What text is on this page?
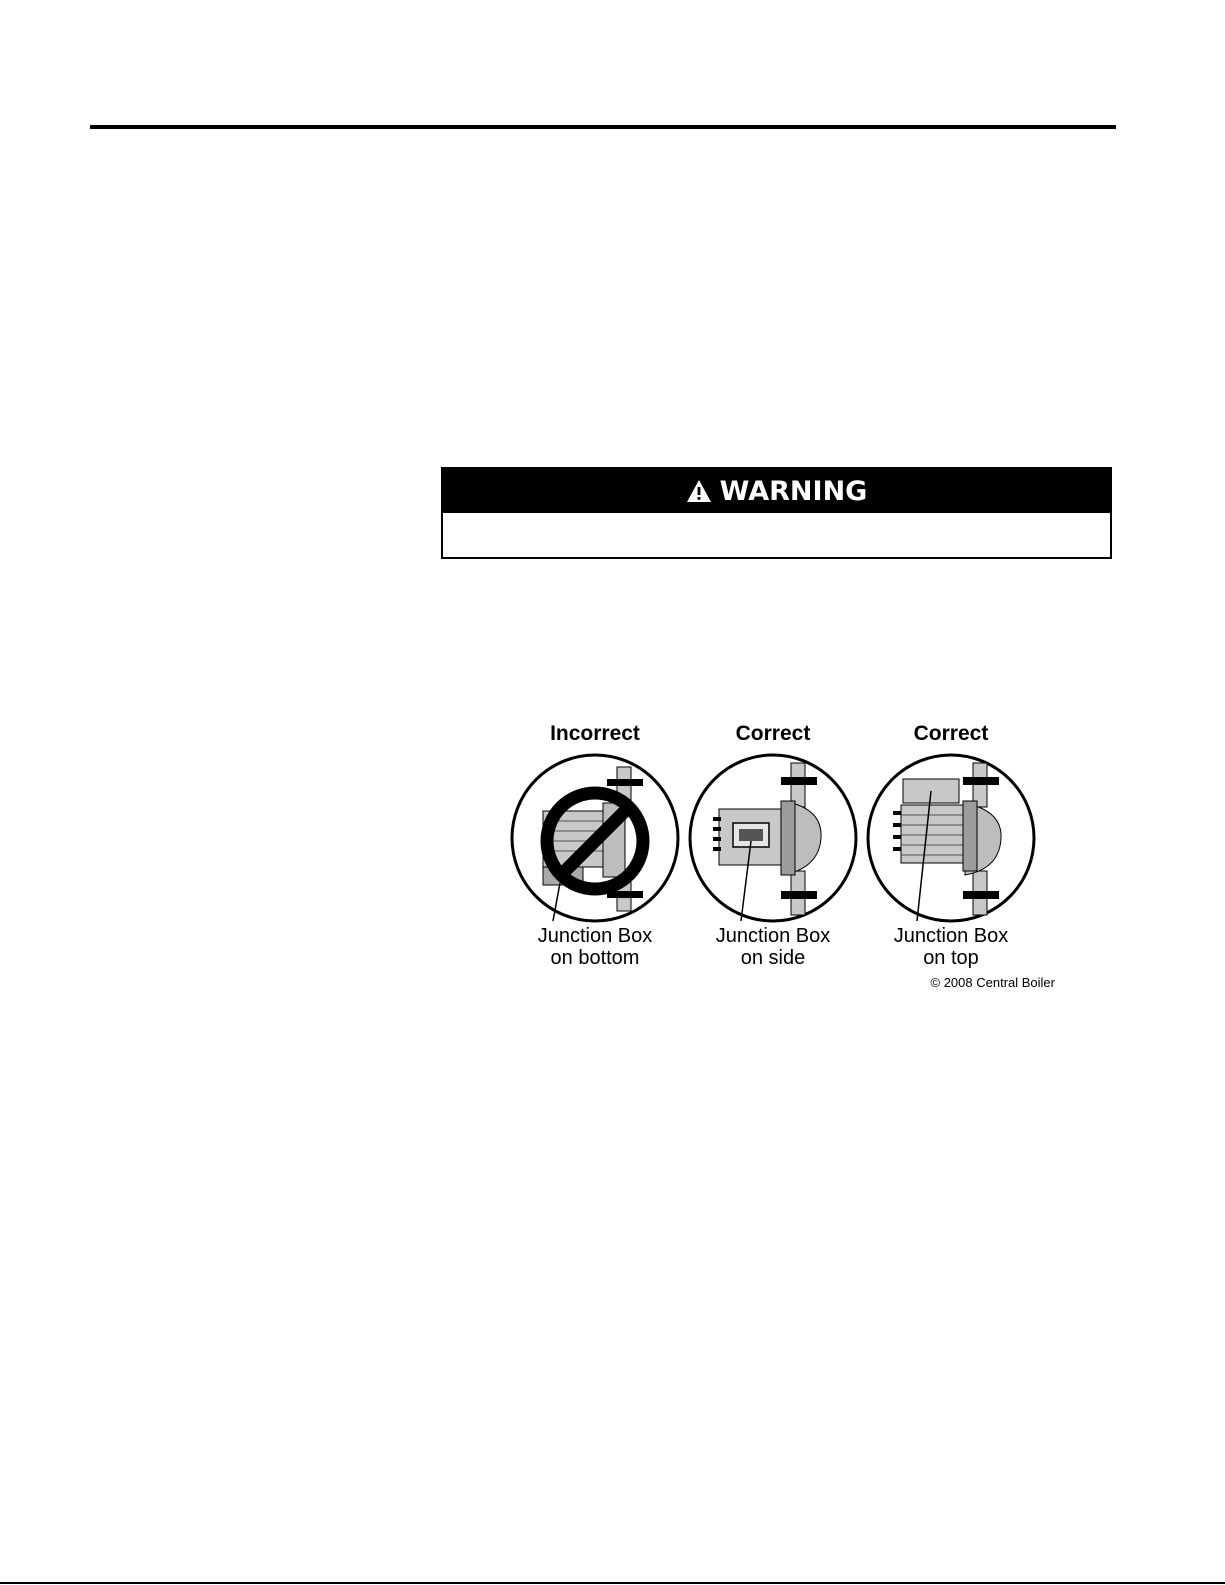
WARNING
Incorrect
Junction Box
on bottom
Correct
Junction Box
on side
Correct
Junction Box
on top
© 2008 Central Boiler
